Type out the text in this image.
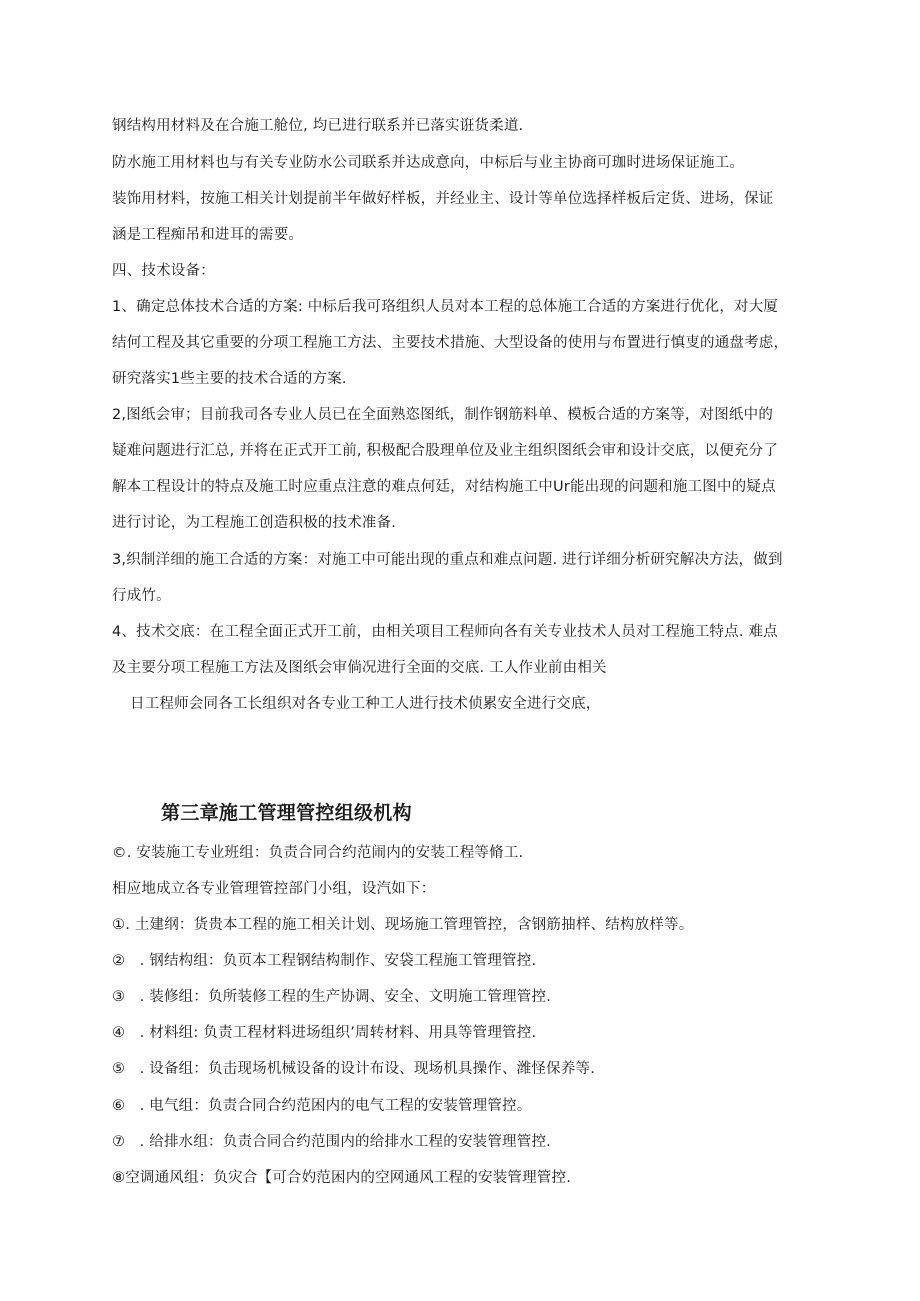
钢结构用材料及在合施工舱位, 均已进行联系并已落实诳货柔道.
防水施工用材料也与有关专业防水公司联系并达成意向，中标后与业主协商可珈时进场保证施工。
装饰用材料，按施工相关计划提前半年做好样板，并经业主、设计等单位选择样板后定货、进场，保证
涵是工程痴吊和进耳的需要。
四、技术设备：
1、确定总体技术合适的方案: 中标后我可珞组织人员对本工程的总体施工合适的方案进行优化，对大厦
结何工程及其它重要的分项工程施工方法、主要技术措施、大型设备的使用与布置进行慎叓的通盘考虑，
研究落实1些主要的技术合适的方案.
2,图纸会审；目前我司各专业人员已在全面熟恣图纸，制作钢筋料单、模板合适的方案等，对图纸中的
疑难问题进行汇总, 并将在正式开工前, 积极配合股理单位及业主组织图纸会审和设计交底，以便充分了
解本工程设计的特点及施工时应重点注意的难点何廷，对结构施工中Ur能出现的问题和施工图中的疑点
进行讨论，为工程施工创造积极的技术准备.
3,织制洋细的施工合适的方案：对施工中可能出现的重点和难点问题. 进行详细分析研究解决方法，做到
行成竹。
4、技术交底：在工程全面正式开工前，由相关项目工程师向各有关专业技术人员对工程施工特点. 难点
及主要分项工程施工方法及图纸会审倘况进行全面的交底. 工人作业前由相关
日工程师会同各工长组织对各专业工种工人进行技术侦累安全进行交底，
第三章施工管理管控组级机构
©. 安装施工专业班组：负责合同合约范闹内的安装工程等脩工.
相应地成立各专业管理管控部门小组，设汽如下：
①. 土建纲：货贵本工程的施工相关计划、现场施工管理管控，含钢筋抽样、结构放样等。
②   . 钢结构组：负页本工程钢结构制作、安袋工程施工管理管控.
③   . 装修组：负所装修工程的生产协调、安全、文明施工管理管控.
④   . 材料组: 负责工程材料进场组织’周转材料、用具等管理管控.
⑤   . 设备组：负击现场机械设备的设计布设、现场机具操作、潍怪保养等.
⑥   . 电气组：负责合同合约范困内的电气工程的安装管理管控。
⑦   . 给排水组：负责合同合约范围内的给排水工程的安装管理管控.
⑧空调通风组：负灾合【可合妁范困内的空网通风工程的安装管理管控.
